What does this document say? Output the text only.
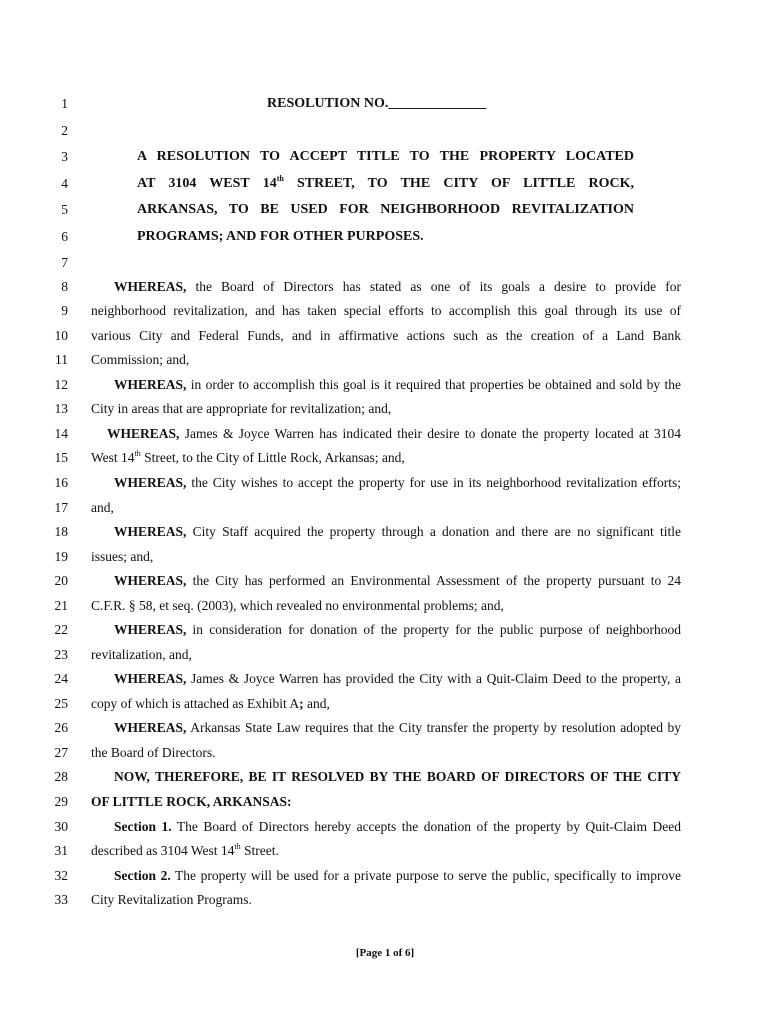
1
2
3
4
5
6
7
8
9
10
11
12
13
14
15
16
17
18
19
20
21
22
23
24
25
26
27
28
29
30
31
32
33
RESOLUTION NO.______________
A RESOLUTION TO ACCEPT TITLE TO THE PROPERTY LOCATED
AT 3104 WEST 14th STREET, TO THE CITY OF LITTLE ROCK,
ARKANSAS, TO BE USED FOR NEIGHBORHOOD REVITALIZATION
PROGRAMS; AND FOR OTHER PURPOSES.
WHEREAS, the Board of Directors has stated as one of its goals a desire to provide for
neighborhood revitalization, and has taken special efforts to accomplish this goal through its use of
various City and Federal Funds, and in affirmative actions such as the creation of a Land Bank
Commission; and,
WHEREAS, in order to accomplish this goal is it required that properties be obtained and sold by the
City in areas that are appropriate for revitalization; and,
WHEREAS, James & Joyce Warren has indicated their desire to donate the property located at 3104
West 14th Street, to the City of Little Rock, Arkansas; and,
WHEREAS, the City wishes to accept the property for use in its neighborhood revitalization efforts;
and,
WHEREAS, City Staff acquired the property through a donation and there are no significant title
issues; and,
WHEREAS, the City has performed an Environmental Assessment of the property pursuant to 24
C.F.R. § 58, et seq. (2003), which revealed no environmental problems; and,
WHEREAS, in consideration for donation of the property for the public purpose of neighborhood
revitalization, and,
WHEREAS, James & Joyce Warren has provided the City with a Quit-Claim Deed to the property, a
copy of which is attached as Exhibit A; and,
WHEREAS, Arkansas State Law requires that the City transfer the property by resolution adopted by
the Board of Directors.
NOW, THEREFORE, BE IT RESOLVED BY THE BOARD OF DIRECTORS OF THE CITY
OF LITTLE ROCK, ARKANSAS:
Section 1. The Board of Directors hereby accepts the donation of the property by Quit-Claim Deed
described as 3104 West 14th Street.
Section 2. The property will be used for a private purpose to serve the public, specifically to improve
City Revitalization Programs.
[Page 1 of 6]
